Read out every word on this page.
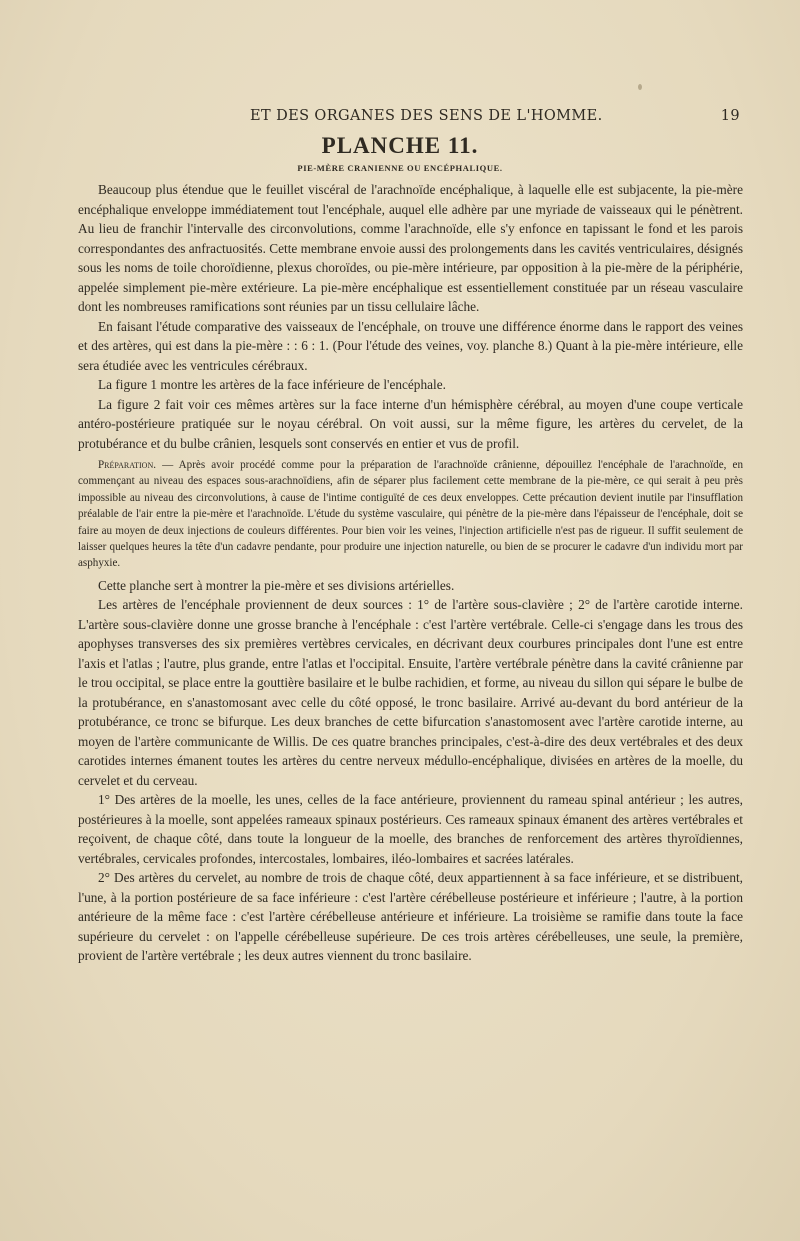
ET DES ORGANES DES SENS DE L'HOMME.	19
PLANCHE 11.
PIE-MÈRE CRANIENNE OU ENCÉPHALIQUE.

Beaucoup plus étendue que le feuillet viscéral de l'arachnoïde encéphalique, à laquelle elle est subjacente, la pie-mère encéphalique enveloppe immédiatement tout l'encéphale, auquel elle adhère par une myriade de vaisseaux qui le pénètrent. Au lieu de franchir l'intervalle des circonvolutions, comme l'arachnoïde, elle s'y enfonce en tapissant le fond et les parois correspondantes des anfractuosités. Cette membrane envoie aussi des prolongements dans les cavités ventriculaires, désignés sous les noms de toile choroïdienne, plexus choroïdes, ou pie-mère intérieure, par opposition à la pie-mère de la périphérie, appelée simplement pie-mère extérieure. La pie-mère encéphalique est essentiellement constituée par un réseau vasculaire dont les nombreuses ramifications sont réunies par un tissu cellulaire lâche.

En faisant l'étude comparative des vaisseaux de l'encéphale, on trouve une différence énorme dans le rapport des veines et des artères, qui est dans la pie-mère : : 6 : 1. (Pour l'étude des veines, voy. planche 8.) Quant à la pie-mère intérieure, elle sera étudiée avec les ventricules cérébraux.

La figure 1 montre les artères de la face inférieure de l'encéphale.

La figure 2 fait voir ces mêmes artères sur la face interne d'un hémisphère cérébral, au moyen d'une coupe verticale antéro-postérieure pratiquée sur le noyau cérébral. On voit aussi, sur la même figure, les artères du cervelet, de la protubérance et du bulbe crânien, lesquels sont conservés en entier et vus de profil.

Préparation. — Après avoir procédé comme pour la préparation de l'arachnoïde crânienne, dépouillez l'encéphale de l'arachnoïde, en commençant au niveau des espaces sous-arachnoïdiens, afin de séparer plus facilement cette membrane de la pie-mère, ce qui serait à peu près impossible au niveau des circonvolutions, à cause de l'intime contiguïté de ces deux enveloppes. Cette précaution devient inutile par l'insufflation préalable de l'air entre la pie-mère et l'arachnoïde. L'étude du système vasculaire, qui pénètre de la pie-mère dans l'épaisseur de l'encéphale, doit se faire au moyen de deux injections de couleurs différentes. Pour bien voir les veines, l'injection artificielle n'est pas de rigueur. Il suffit seulement de laisser quelques heures la tête d'un cadavre pendante, pour produire une injection naturelle, ou bien de se procurer le cadavre d'un individu mort par asphyxie.

Cette planche sert à montrer la pie-mère et ses divisions artérielles.

Les artères de l'encéphale proviennent de deux sources : 1° de l'artère sous-clavière ; 2° de l'artère carotide interne. L'artère sous-clavière donne une grosse branche à l'encéphale : c'est l'artère vertébrale. Celle-ci s'engage dans les trous des apophyses transverses des six premières vertèbres cervicales, en décrivant deux courbures principales dont l'une est entre l'axis et l'atlas ; l'autre, plus grande, entre l'atlas et l'occipital. Ensuite, l'artère vertébrale pénètre dans la cavité crânienne par le trou occipital, se place entre la gouttière basilaire et le bulbe rachidien, et forme, au niveau du sillon qui sépare le bulbe de la protubérance, en s'anastomosant avec celle du côté opposé, le tronc basilaire. Arrivé au-devant du bord antérieur de la protubérance, ce tronc se bifurque. Les deux branches de cette bifurcation s'anastomosent avec l'artère carotide interne, au moyen de l'artère communicante de Willis. De ces quatre branches principales, c'est-à-dire des deux vertébrales et des deux carotides internes émanent toutes les artères du centre nerveux médullo-encéphalique, divisées en artères de la moelle, du cervelet et du cerveau.

1° Des artères de la moelle, les unes, celles de la face antérieure, proviennent du rameau spinal antérieur ; les autres, postérieures à la moelle, sont appelées rameaux spinaux postérieurs. Ces rameaux spinaux émanent des artères vertébrales et reçoivent, de chaque côté, dans toute la longueur de la moelle, des branches de renforcement des artères thyroïdiennes, vertébrales, cervicales profondes, intercostales, lombaires, iléo-lombaires et sacrées latérales.

2° Des artères du cervelet, au nombre de trois de chaque côté, deux appartiennent à sa face inférieure, et se distribuent, l'une, à la portion postérieure de sa face inférieure : c'est l'artère cérébelleuse postérieure et inférieure ; l'autre, à la portion antérieure de la même face : c'est l'artère cérébelleuse antérieure et inférieure. La troisième se ramifie dans toute la face supérieure du cervelet : on l'appelle cérébelleuse supérieure. De ces trois artères cérébelleuses, une seule, la première, provient de l'artère vertébrale ; les deux autres viennent du tronc basilaire.
